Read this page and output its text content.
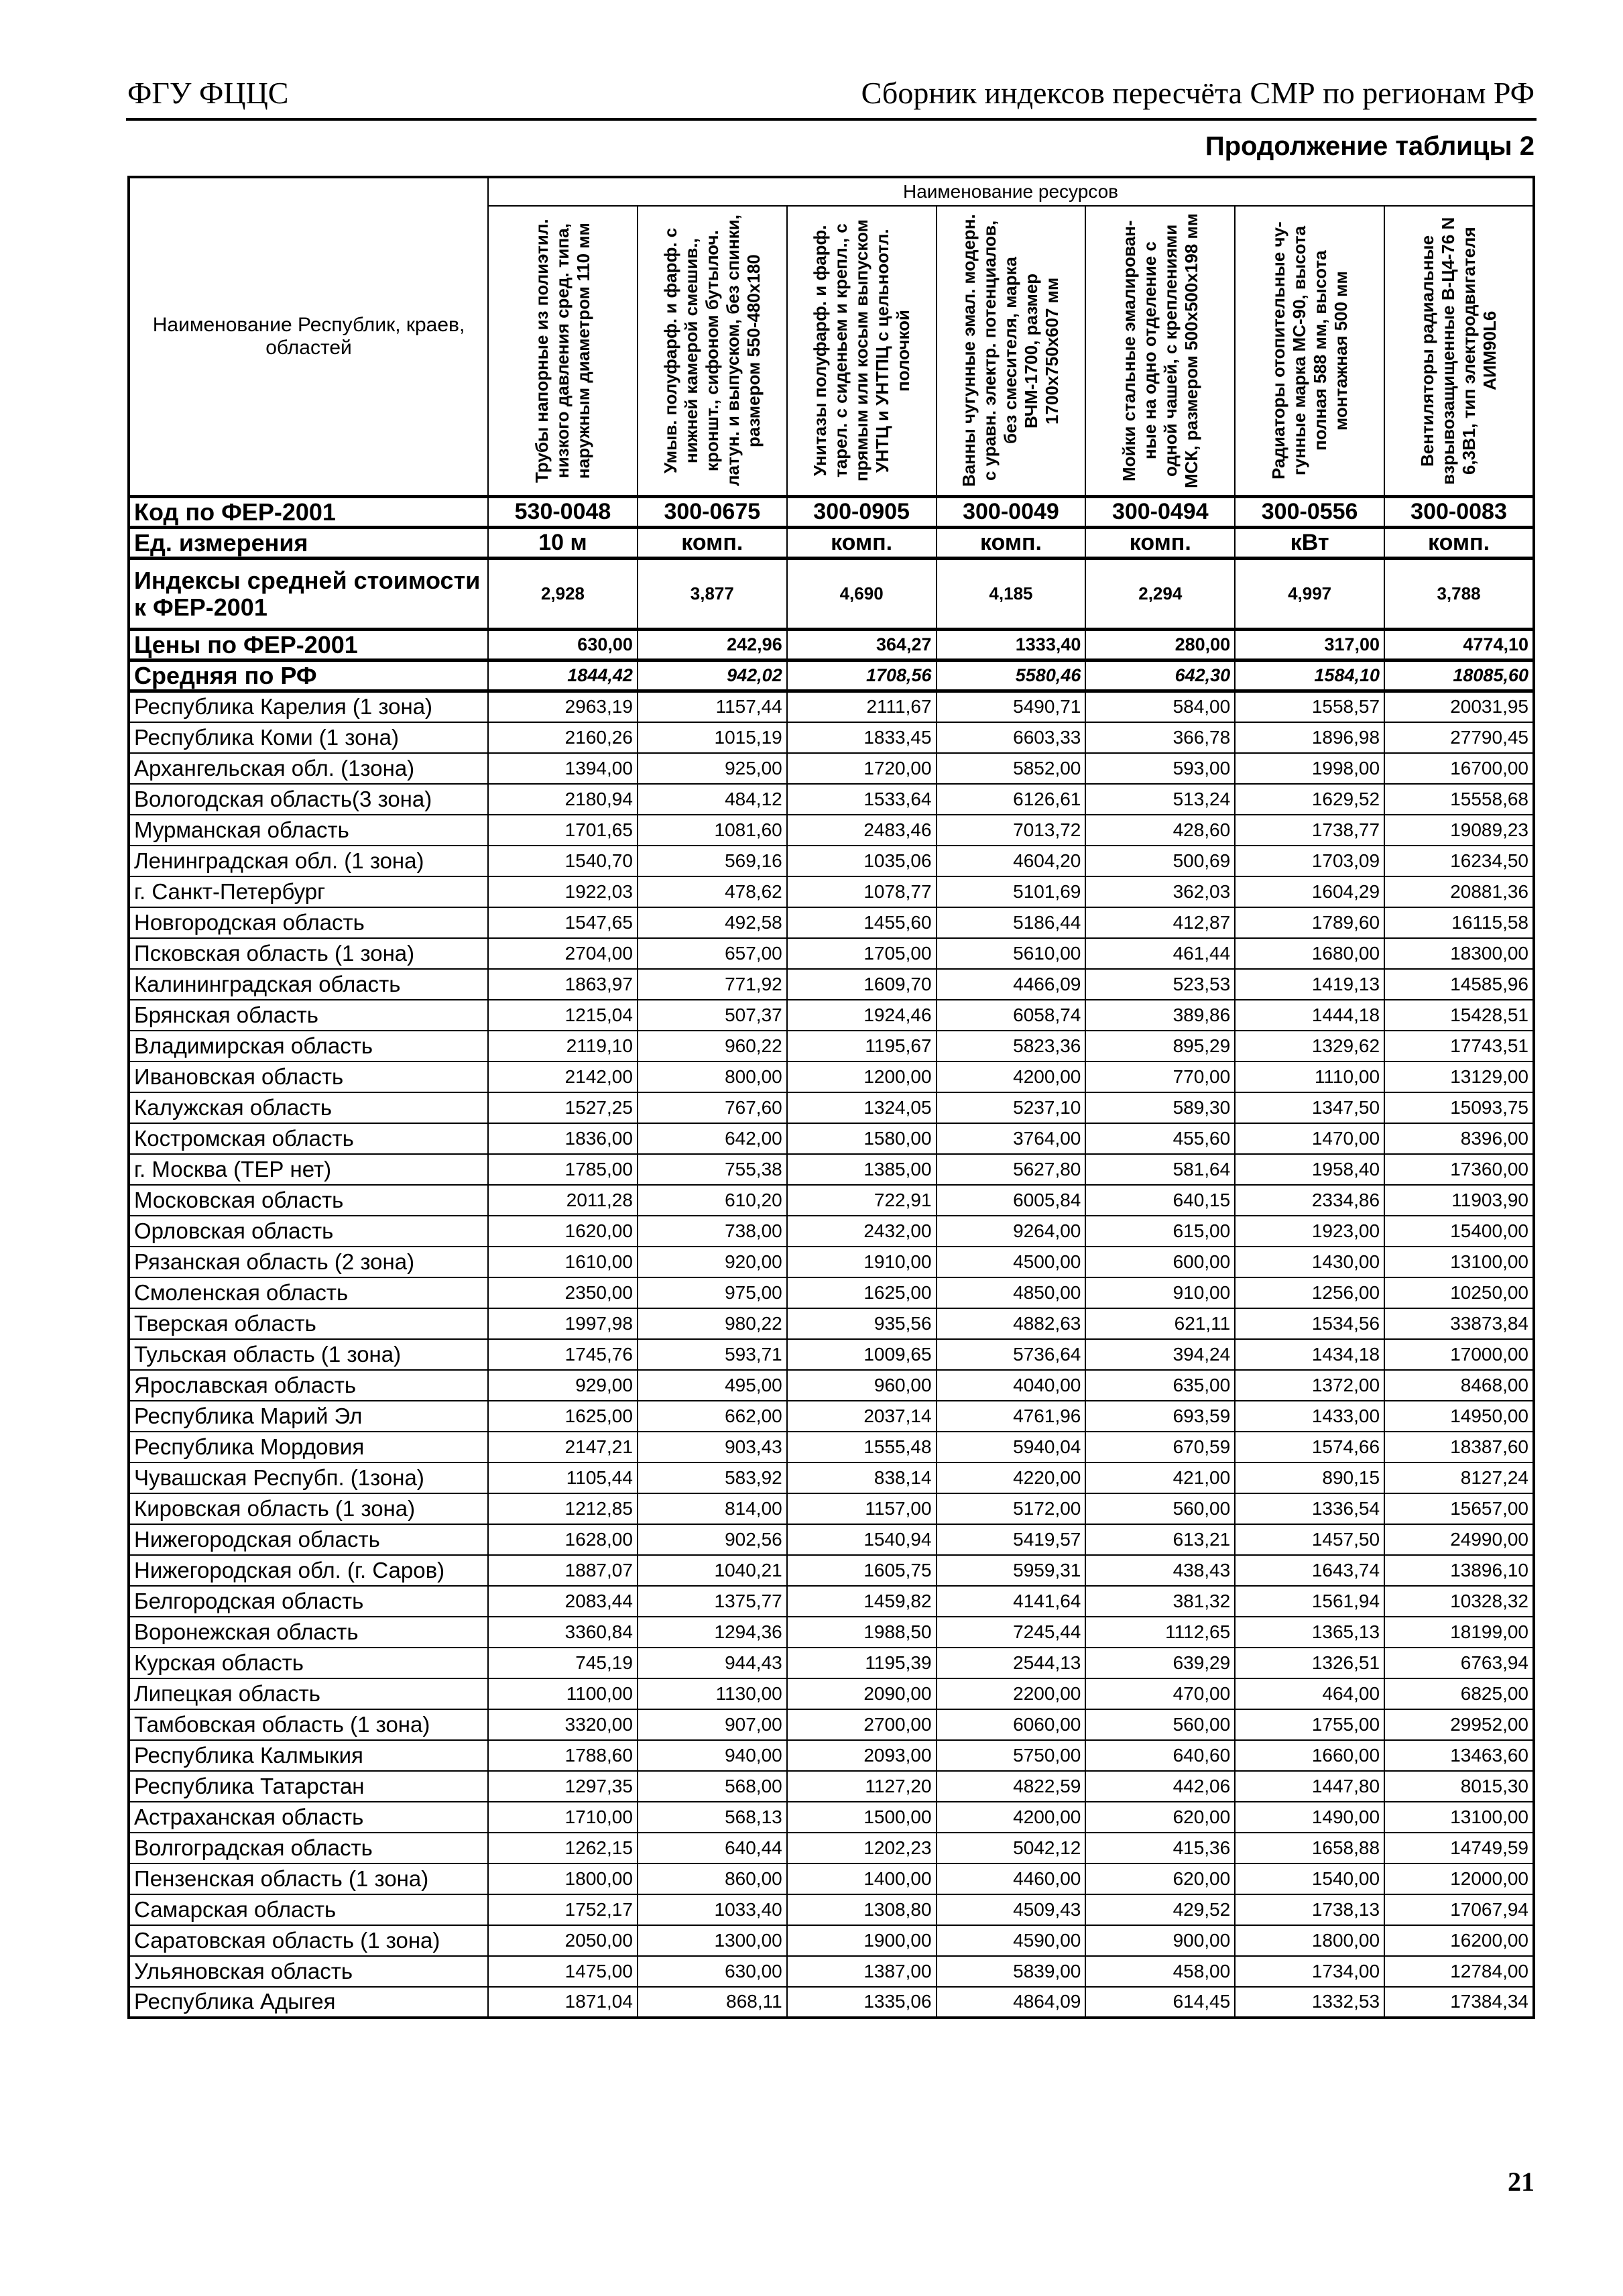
ФГУ ФЦЦС	Сборник индексов пересчёта СМР по регионам РФ
Продолжение таблицы 2
Наименование Республик, краев, областей	Наименование ресурсов						

Трубы напорные из полиэтил. низкого давления сред. типа, наружным диаметром 110 мм	Умыв. полуфарф. и фарф. с нижней камерой смешив., кроншт., сифоном бутылоч. латун. и выпуском, без спинки, размером 550-480х180	Унитазы полуфарф. и фарф. тарел. с сиденьем и крепл., с прямым или косым выпуском УНТЦ и УНТПЦ с цельноотл. полочкой	Ванны чугунные эмал. модерн. с уравн. электр. потенциалов, без смесителя, марка ВЧМ-1700, размер 1700х750х607 мм	Мойки стальные эмалирован-ные на одно отделение с одной чашей, с креплениями МСК, размером 500х500х198 мм	Радиаторы отопительные чу-гунные марка МС-90, высота полная 588 мм, высота монтажная 500 мм	Вентиляторы радиальные взрывозащищенные В-Ц4-76 N 6,3В1, тип электродвигателя АИМ90L6

Код по ФЕР-2001	530-0048	300-0675	300-0905	300-0049	300-0494	300-0556	300-0083
Ед. измерения	10 м	комп.	комп.	комп.	комп.	кВт	комп.
Индексы средней стоимости к ФЕР-2001	2,928	3,877	4,690	4,185	2,294	4,997	3,788
Цены по ФЕР-2001	630,00	242,96	364,27	1333,40	280,00	317,00	4774,10
Средняя по РФ	1844,42	942,02	1708,56	5580,46	642,30	1584,10	18085,60
Республика Карелия (1 зона)	2963,19	1157,44	2111,67	5490,71	584,00	1558,57	20031,95
Республика Коми (1 зона)	2160,26	1015,19	1833,45	6603,33	366,78	1896,98	27790,45
Архангельская обл. (1зона)	1394,00	925,00	1720,00	5852,00	593,00	1998,00	16700,00
Вологодская область(3 зона)	2180,94	484,12	1533,64	6126,61	513,24	1629,52	15558,68
Мурманская область	1701,65	1081,60	2483,46	7013,72	428,60	1738,77	19089,23
Ленинградская обл. (1 зона)	1540,70	569,16	1035,06	4604,20	500,69	1703,09	16234,50
г. Санкт-Петербург	1922,03	478,62	1078,77	5101,69	362,03	1604,29	20881,36
Новгородская область	1547,65	492,58	1455,60	5186,44	412,87	1789,60	16115,58
Псковская область (1 зона)	2704,00	657,00	1705,00	5610,00	461,44	1680,00	18300,00
Калининградская область	1863,97	771,92	1609,70	4466,09	523,53	1419,13	14585,96
Брянская область	1215,04	507,37	1924,46	6058,74	389,86	1444,18	15428,51
Владимирская область	2119,10	960,22	1195,67	5823,36	895,29	1329,62	17743,51
Ивановская область	2142,00	800,00	1200,00	4200,00	770,00	1110,00	13129,00
Калужская область	1527,25	767,60	1324,05	5237,10	589,30	1347,50	15093,75
Костромская область	1836,00	642,00	1580,00	3764,00	455,60	1470,00	8396,00
г. Москва (ТЕР нет)	1785,00	755,38	1385,00	5627,80	581,64	1958,40	17360,00
Московская область	2011,28	610,20	722,91	6005,84	640,15	2334,86	11903,90
Орловская область	1620,00	738,00	2432,00	9264,00	615,00	1923,00	15400,00
Рязанская область (2 зона)	1610,00	920,00	1910,00	4500,00	600,00	1430,00	13100,00
Смоленская область	2350,00	975,00	1625,00	4850,00	910,00	1256,00	10250,00
Тверская область	1997,98	980,22	935,56	4882,63	621,11	1534,56	33873,84
Тульская область (1 зона)	1745,76	593,71	1009,65	5736,64	394,24	1434,18	17000,00
Ярославская область	929,00	495,00	960,00	4040,00	635,00	1372,00	8468,00
Республика Марий Эл	1625,00	662,00	2037,14	4761,96	693,59	1433,00	14950,00
Республика Мордовия	2147,21	903,43	1555,48	5940,04	670,59	1574,66	18387,60
Чувашская Респубп. (1зона)	1105,44	583,92	838,14	4220,00	421,00	890,15	8127,24
Кировская область (1 зона)	1212,85	814,00	1157,00	5172,00	560,00	1336,54	15657,00
Нижегородская область	1628,00	902,56	1540,94	5419,57	613,21	1457,50	24990,00
Нижегородская обл. (г. Саров)	1887,07	1040,21	1605,75	5959,31	438,43	1643,74	13896,10
Белгородская область	2083,44	1375,77	1459,82	4141,64	381,32	1561,94	10328,32
Воронежская область	3360,84	1294,36	1988,50	7245,44	1112,65	1365,13	18199,00
Курская область	745,19	944,43	1195,39	2544,13	639,29	1326,51	6763,94
Липецкая область	1100,00	1130,00	2090,00	2200,00	470,00	464,00	6825,00
Тамбовская область (1 зона)	3320,00	907,00	2700,00	6060,00	560,00	1755,00	29952,00
Республика Калмыкия	1788,60	940,00	2093,00	5750,00	640,60	1660,00	13463,60
Республика Татарстан	1297,35	568,00	1127,20	4822,59	442,06	1447,80	8015,30
Астраханская область	1710,00	568,13	1500,00	4200,00	620,00	1490,00	13100,00
Волгоградская область	1262,15	640,44	1202,23	5042,12	415,36	1658,88	14749,59
Пензенская область (1 зона)	1800,00	860,00	1400,00	4460,00	620,00	1540,00	12000,00
Самарская область	1752,17	1033,40	1308,80	4509,43	429,52	1738,13	17067,94
Саратовская область (1 зона)	2050,00	1300,00	1900,00	4590,00	900,00	1800,00	16200,00
Ульяновская область	1475,00	630,00	1387,00	5839,00	458,00	1734,00	12784,00
Республика Адыгея	1871,04	868,11	1335,06	4864,09	614,45	1332,53	17384,34
21
